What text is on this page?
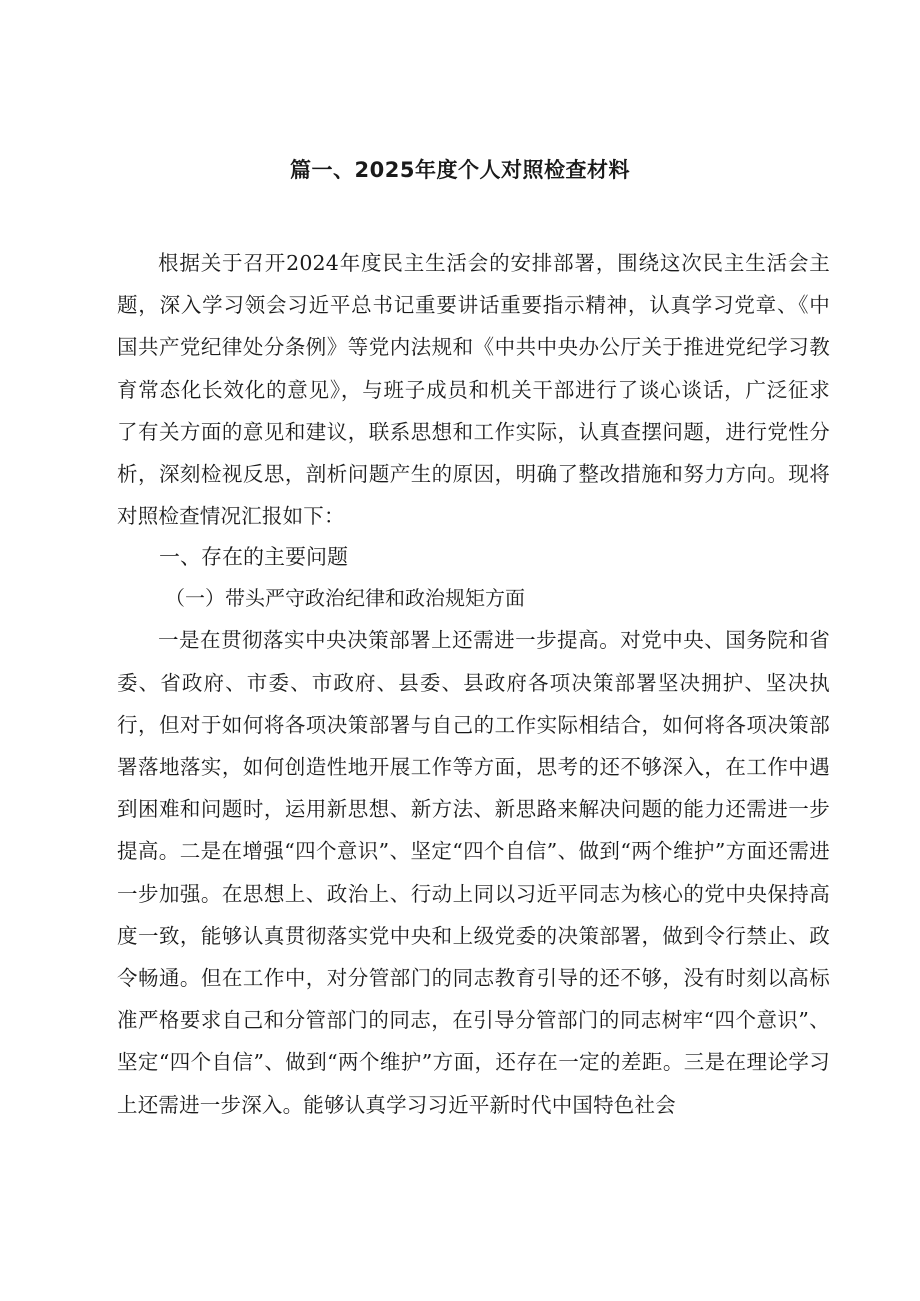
篇一、2025年度个人对照检查材料

根据关于召开2024年度民主生活会的安排部署，围绕这次民主生活会主题，深入学习领会习近平总书记重要讲话重要指示精神，认真学习党章、《中国共产党纪律处分条例》等党内法规和《中共中央办公厅关于推进党纪学习教育常态化长效化的意见》，与班子成员和机关干部进行了谈心谈话，广泛征求了有关方面的意见和建议，联系思想和工作实际，认真查摆问题，进行党性分析，深刻检视反思，剖析问题产生的原因，明确了整改措施和努力方向。现将对照检查情况汇报如下：

一、存在的主要问题
（一）带头严守政治纪律和政治规矩方面

一是在贯彻落实中央决策部署上还需进一步提高。对党中央、国务院和省委、省政府、市委、市政府、县委、县政府各项决策部署坚决拥护、坚决执行，但对于如何将各项决策部署与自己的工作实际相结合，如何将各项决策部署落地落实，如何创造性地开展工作等方面，思考的还不够深入，在工作中遇到困难和问题时，运用新思想、新方法、新思路来解决问题的能力还需进一步提高。二是在增强“四个意识”、坚定“四个自信”、做到“两个维护”方面还需进一步加强。在思想上、政治上、行动上同以习近平同志为核心的党中央保持高度一致，能够认真贯彻落实党中央和上级党委的决策部署，做到令行禁止、政令畅通。但在工作中，对分管部门的同志教育引导的还不够，没有时刻以高标准严格要求自己和分管部门的同志，在引导分管部门的同志树牢“四个意识”、坚定“四个自信”、做到“两个维护”方面，还存在一定的差距。三是在理论学习上还需进一步深入。能够认真学习习近平新时代中国特色社会
